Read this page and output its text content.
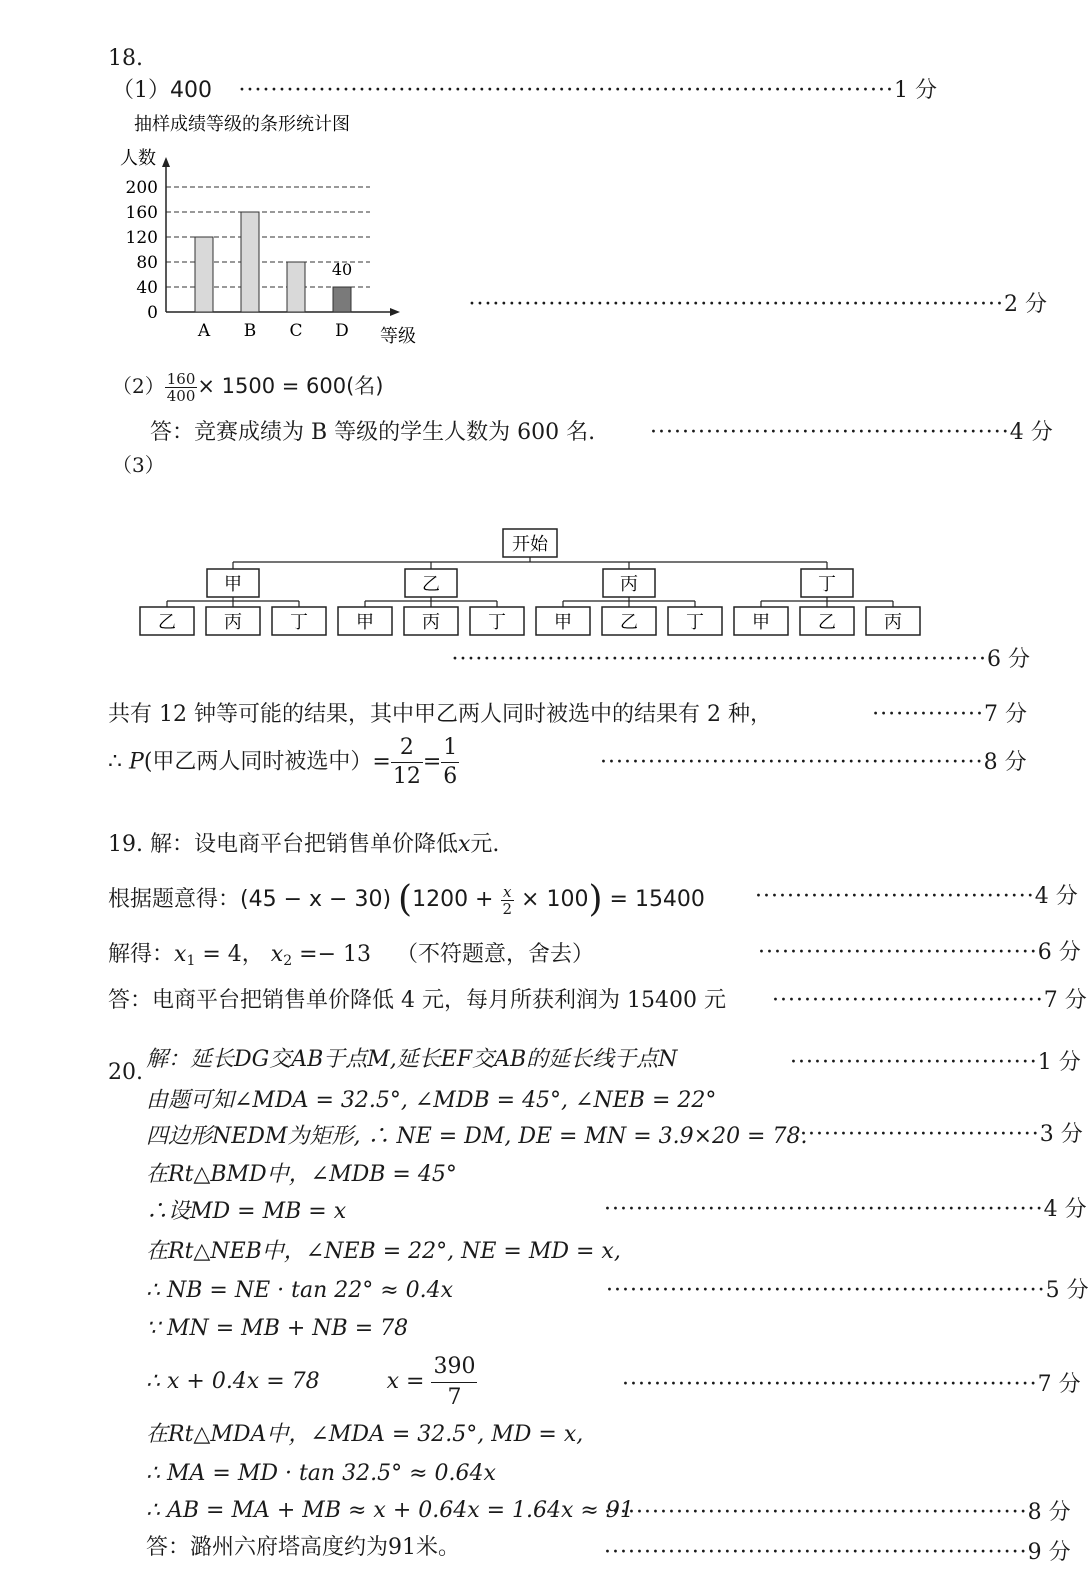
18.
（1）400	··················································································1 分
抽样成绩等级的条形统计图
人数
等级
0
40
80
120
160
200
A B C D
40
···································································2 分
$(2) \frac{160}{400} \times 1500 = 600$(名)
答：竞赛成绩为 B 等级的学生人数为 600 名. ·············································4 分
（3）
开始
甲
乙	丙	丁
乙
甲	丙	丁
丙
甲	乙	丁
丁
甲	乙	丙
···································································6 分
共有 12 钟等可能的结果，其中甲乙两人同时被选中的结果有 2 种，	··············7 分
∴ P(甲乙两人同时被选中）= $\frac{2}{12} = \frac{1}{6}$	················································8 分
19. 解：设电商平台把销售单价降低x元.
根据题意得：(45 − x − 30) $(1200 + \frac{x}{2} \times 100) = 15400 \cdot\cdot\cdot\cdot\cdot\cdot\cdot\cdot\cdot\cdot\cdot\cdot\cdot\cdot\cdot\cdot\cdot\cdot\cdot\cdot\cdot\cdot\cdot\cdot\cdot\cdot\cdot\cdot\cdot\cdot\cdot\cdot\cdot\cdot\cdot 4$ 分
解得：$x_1 = 4$， $x_2 =- 13$ （不符题意，舍去）	···································6 分
答：电商平台把销售单价降低 4 元，每月所获利润为 15400 元 ··································7 分
20.
解：延长DG交AB于点M,延长EF交AB的延长线于点N	·······························1 分
由题可知∠MDA = 32.5°, ∠MDB = 45°, ∠NEB = 22°
四边形NEDM为矩形, ∴ NE = DM, DE = MN = 3.9×20 = 78.
······························3 分
在Rt△BMD中，∠MDB = 45°
∴设MD = MB = x	·······················································4 分
在Rt△NEB中，∠NEB = 22°, NE = MD = x,
∴ NB = NE · tan 22° ≈ 0.4x	·······················································5 分
∵ MN = MB + NB = 78
∴ x + 0.4x = 78	$x = \frac{390}{7}$	····················································7 分
在Rt△MDA中，∠MDA = 32.5°, MD = x,
∴ MA = MD · tan 32.5° ≈ 0.64x
∴ AB = MA + MB ≈ x + 0.64x = 1.64x ≈ 91
·····················································8 分
答：潞州六府塔高度约为91米。	·····················································9 分
